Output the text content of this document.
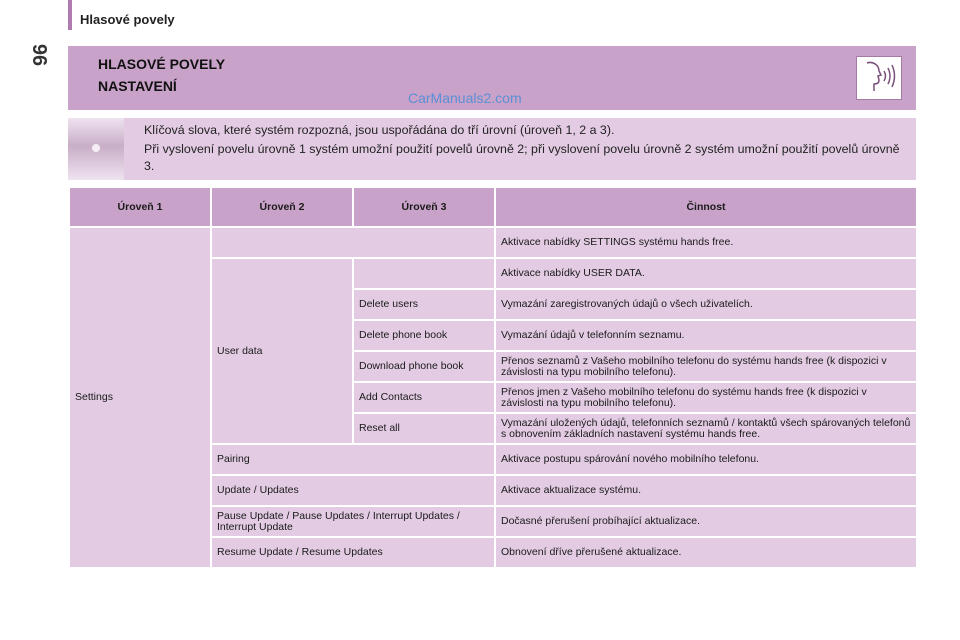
Hlasové povely
96	HLASOVÉ POVELY
NASTAVENÍ
CarManuals2.com

Klíčová slova, které systém rozpozná, jsou uspořádána do tří úrovní (úroveň 1, 2 a 3).

Při vyslovení povelu úrovně 1 systém umožní použití povelů úrovně 2; při vyslovení povelu úrovně 2 systém umožní použití povelů úrovně 3.

Úroveň 1	Úroveň 2	Úroveň 3	Činnost
Settings			Aktivace nabídky SETTINGS systému hands free.
	User data		Aktivace nabídky USER DATA.
		Delete users	Vymazání zaregistrovaných údajů o všech uživatelích.
		Delete phone book	Vymazání údajů v telefonním seznamu.
		Download phone book	Přenos seznamů z Vašeho mobilního telefonu do systému hands free (k dispozici v závislosti na typu mobilního telefonu).
		Add Contacts	Přenos jmen z Vašeho mobilního telefonu do systému hands free (k dispozici v závislosti na typu mobilního telefonu).
		Reset all	Vymazání uložených údajů, telefonních seznamů / kontaktů všech spárovaných telefonů s obnovením základních nastavení systému hands free.
	Pairing		Aktivace postupu spárování nového mobilního telefonu.
	Update / Updates		Aktivace aktualizace systému.
	Pause Update / Pause Updates / Interrupt Updates / Interrupt Update		Dočasné přerušení probíhající aktualizace.
	Resume Update / Resume Updates		Obnovení dříve přerušené aktualizace.
